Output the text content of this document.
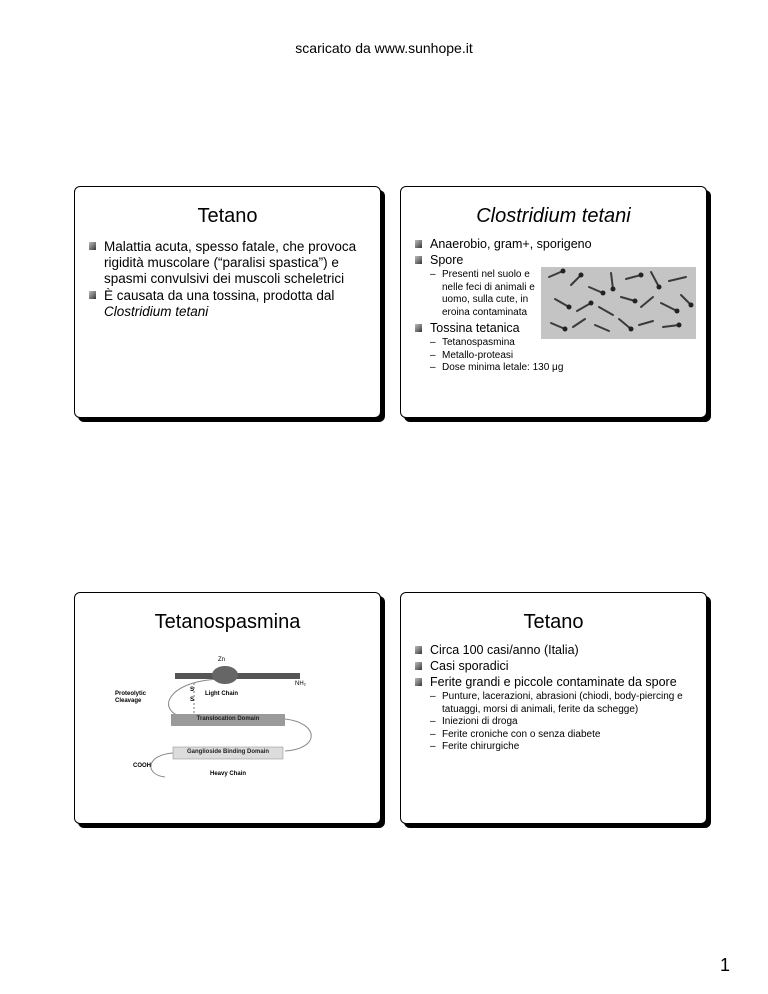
scaricato da www.sunhope.it
Tetano
Malattia acuta, spesso fatale, che provoca rigidità muscolare (“paralisi spastica”) e spasmi convulsivi dei muscoli scheletrici
È causata da una tossina, prodotta dal Clostridium tetani
Clostridium tetani
Anaerobio, gram+, sporigeno
Spore
– Presenti nel suolo e nelle feci di animali e uomo, sulla cute, in eroina contaminata
Tossina tetanica
– Tetanospasmina
– Metallo-proteasi
– Dose minima letale: 130 μg
Tetanospasmina
Zn
NH₂
Proteolytic
Cleavage
S
S
Light Chain
Translocation Domain
Ganglioside Binding Domain
COOH
Heavy Chain
Tetano
Circa 100 casi/anno (Italia)
Casi sporadici
Ferite grandi e piccole contaminate da spore
– Punture, lacerazioni, abrasioni (chiodi, body-piercing e tatuaggi, morsi di animali, ferite da schegge)
– Iniezioni di droga
– Ferite croniche con o senza diabete
– Ferite chirurgiche
1
